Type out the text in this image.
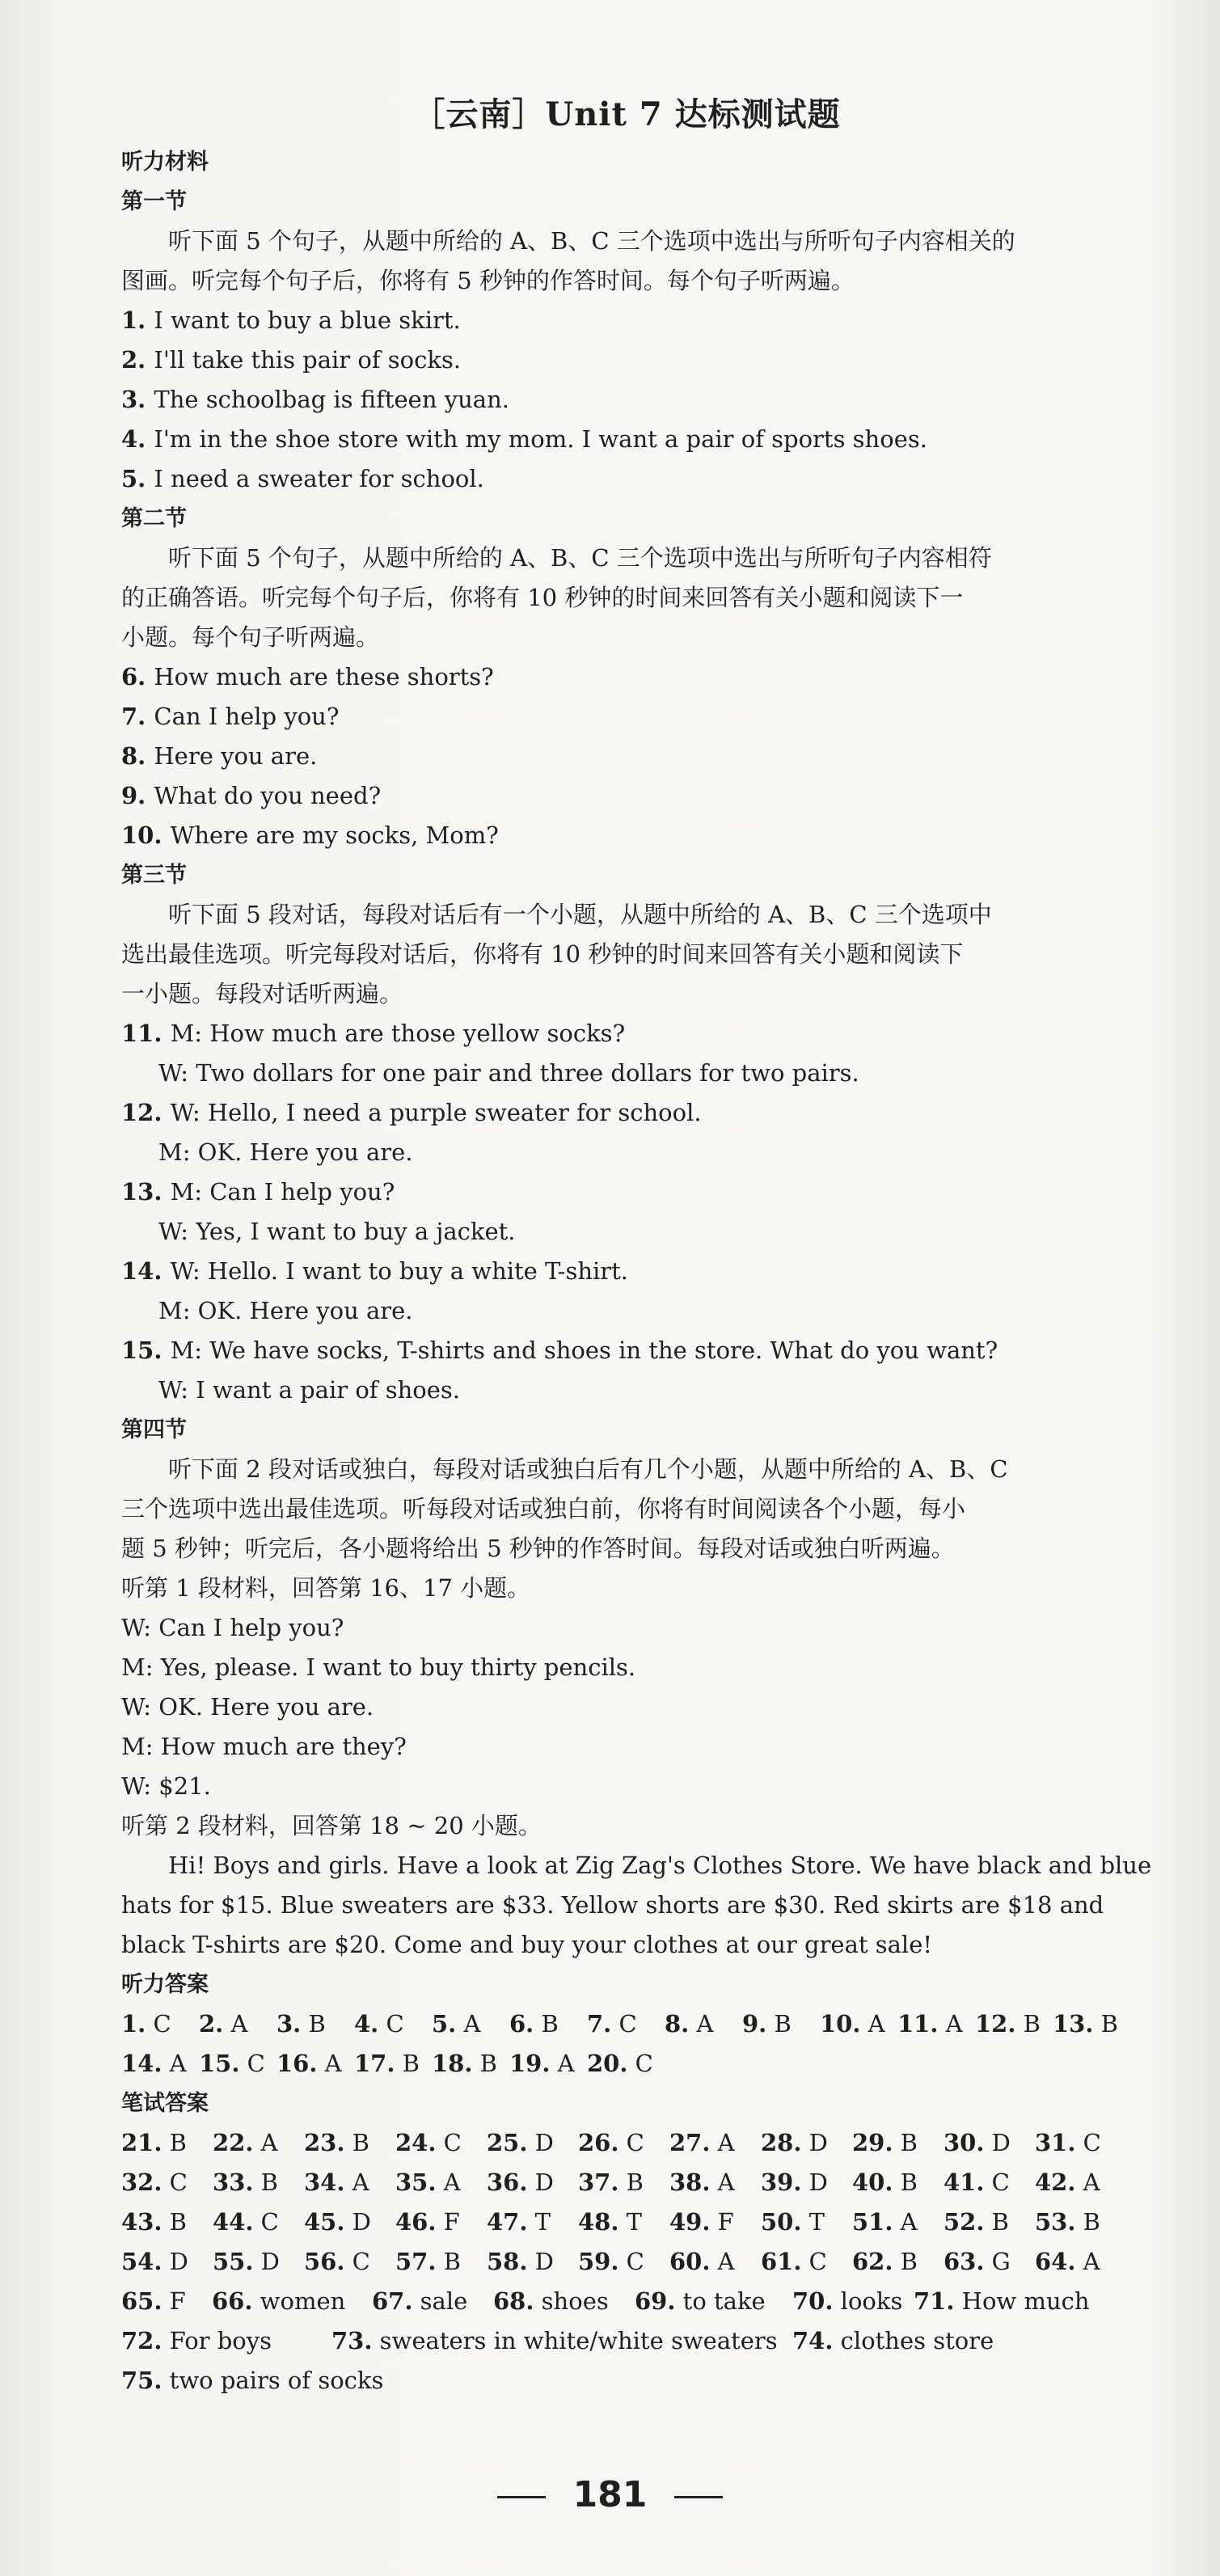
［云南］Unit 7 达标测试题
听力材料
第一节
听下面 5 个句子，从题中所给的 A、B、C 三个选项中选出与所听句子内容相关的
图画。听完每个句子后，你将有 5 秒钟的作答时间。每个句子听两遍。
1. I want to buy a blue skirt.
2. I'll take this pair of socks.
3. The schoolbag is fifteen yuan.
4. I'm in the shoe store with my mom. I want a pair of sports shoes.
5. I need a sweater for school.
第二节
听下面 5 个句子，从题中所给的 A、B、C 三个选项中选出与所听句子内容相符
的正确答语。听完每个句子后，你将有 10 秒钟的时间来回答有关小题和阅读下一
小题。每个句子听两遍。
6. How much are these shorts?
7. Can I help you?
8. Here you are.
9. What do you need?
10. Where are my socks, Mom?
第三节
听下面 5 段对话，每段对话后有一个小题，从题中所给的 A、B、C 三个选项中
选出最佳选项。听完每段对话后，你将有 10 秒钟的时间来回答有关小题和阅读下
一小题。每段对话听两遍。
11. M: How much are those yellow socks?
W: Two dollars for one pair and three dollars for two pairs.
12. W: Hello, I need a purple sweater for school.
M: OK. Here you are.
13. M: Can I help you?
W: Yes, I want to buy a jacket.
14. W: Hello. I want to buy a white T-shirt.
M: OK. Here you are.
15. M: We have socks, T-shirts and shoes in the store. What do you want?
W: I want a pair of shoes.
第四节
听下面 2 段对话或独白，每段对话或独白后有几个小题，从题中所给的 A、B、C
三个选项中选出最佳选项。听每段对话或独白前，你将有时间阅读各个小题，每小
题 5 秒钟；听完后，各小题将给出 5 秒钟的作答时间。每段对话或独白听两遍。
听第 1 段材料，回答第 16、17 小题。
W: Can I help you?
M: Yes, please. I want to buy thirty pencils.
W: OK. Here you are.
M: How much are they?
W: $21.
听第 2 段材料，回答第 18 ~ 20 小题。
Hi! Boys and girls. Have a look at Zig Zag's Clothes Store. We have black and blue
hats for $15. Blue sweaters are $33. Yellow shorts are $30. Red skirts are $18 and
black T-shirts are $20. Come and buy your clothes at our great sale!
听力答案
1. C	2. A	3. B	4. C	5. A	6. B	7. C	8. A	9. B	10. A 11. A 12. B 13. B
14. A 15. C 16. A 17. B 18. B 19. A 20. C
笔试答案
21. B	22. A	23. B	24. C	25. D	26. C	27. A	28. D	29. B	30. D	31. C
32. C	33. B	34. A	35. A	36. D	37. B	38. A	39. D	40. B	41. C	42. A
43. B	44. C	45. D	46. F	47. T	48. T	49. F	50. T	51. A	52. B	53. B
54. D	55. D	56. C	57. B	58. D	59. C	60. A	61. C	62. B	63. G	64. A
65. F	66. women	67. sale	68. shoes	69. to take	70. looks 71. How much
72. For boys	73. sweaters in white/white sweaters 74. clothes store
75. two pairs of socks
181
